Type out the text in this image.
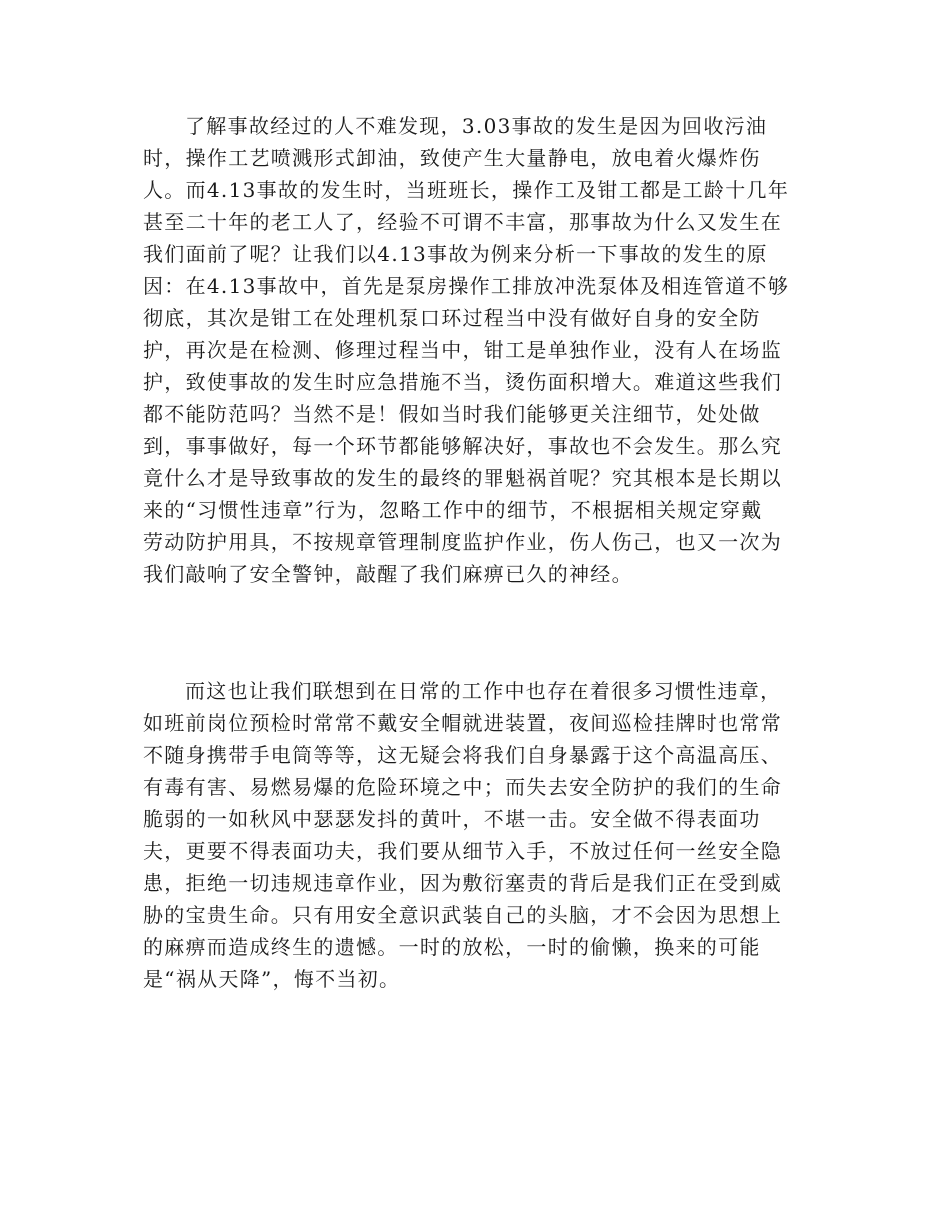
了解事故经过的人不难发现，3.03事故的发生是因为回收污油
时，操作工艺喷溅形式卸油，致使产生大量静电，放电着火爆炸伤
人。而4.13事故的发生时，当班班长，操作工及钳工都是工龄十几年
甚至二十年的老工人了，经验不可谓不丰富，那事故为什么又发生在
我们面前了呢？让我们以4.13事故为例来分析一下事故的发生的原
因：在4.13事故中，首先是泵房操作工排放冲洗泵体及相连管道不够
彻底，其次是钳工在处理机泵口环过程当中没有做好自身的安全防
护，再次是在检测、修理过程当中，钳工是单独作业，没有人在场监
护，致使事故的发生时应急措施不当，烫伤面积增大。难道这些我们
都不能防范吗？当然不是！假如当时我们能够更关注细节，处处做
到，事事做好，每一个环节都能够解决好，事故也不会发生。那么究
竟什么才是导致事故的发生的最终的罪魁祸首呢？究其根本是长期以
来的“习惯性违章”行为，忽略工作中的细节，不根据相关规定穿戴
劳动防护用具，不按规章管理制度监护作业，伤人伤己，也又一次为
我们敲响了安全警钟，敲醒了我们麻痹已久的神经。
而这也让我们联想到在日常的工作中也存在着很多习惯性违章，
如班前岗位预检时常常不戴安全帽就进装置，夜间巡检挂牌时也常常
不随身携带手电筒等等，这无疑会将我们自身暴露于这个高温高压、
有毒有害、易燃易爆的危险环境之中；而失去安全防护的我们的生命
脆弱的一如秋风中瑟瑟发抖的黄叶，不堪一击。安全做不得表面功
夫，更要不得表面功夫，我们要从细节入手，不放过任何一丝安全隐
患，拒绝一切违规违章作业，因为敷衍塞责的背后是我们正在受到威
胁的宝贵生命。只有用安全意识武装自己的头脑，才不会因为思想上
的麻痹而造成终生的遗憾。一时的放松，一时的偷懒，换来的可能
是“祸从天降”，悔不当初。
